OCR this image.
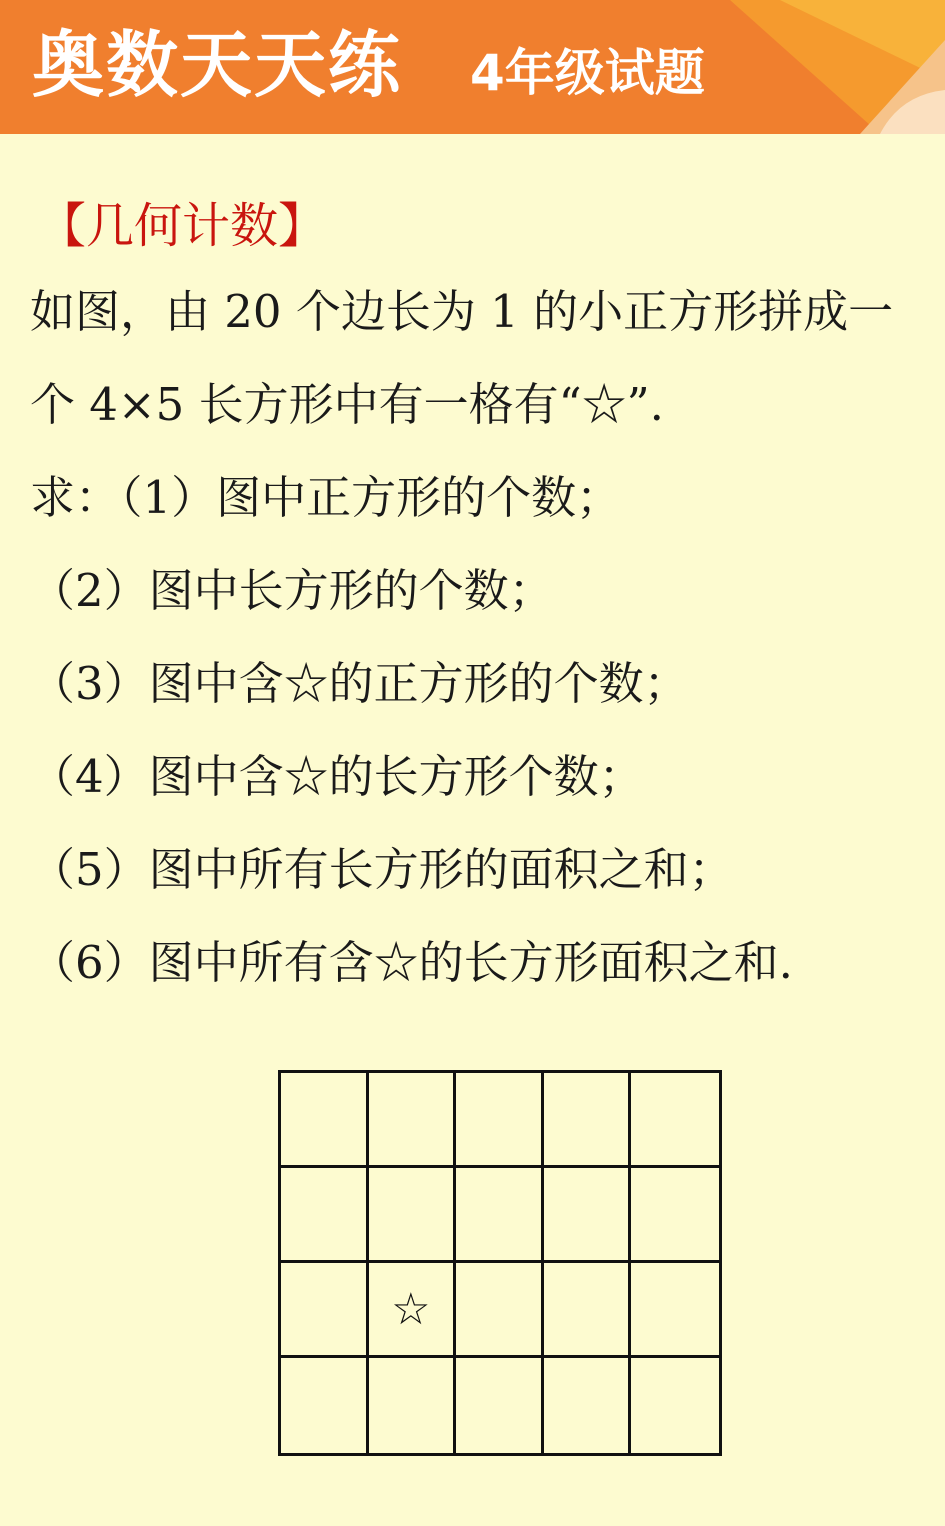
奥数天天练 4年级试题
【几何计数】
如图，由 20 个边长为 1 的小正方形拼成一
个 4×5 长方形中有一格有“☆”.
求：（1）图中正方形的个数；
（2）图中长方形的个数；
（3）图中含☆的正方形的个数；
（4）图中含☆的长方形个数；
（5）图中所有长方形的面积之和；
（6）图中所有含☆的长方形面积之和.
☆
